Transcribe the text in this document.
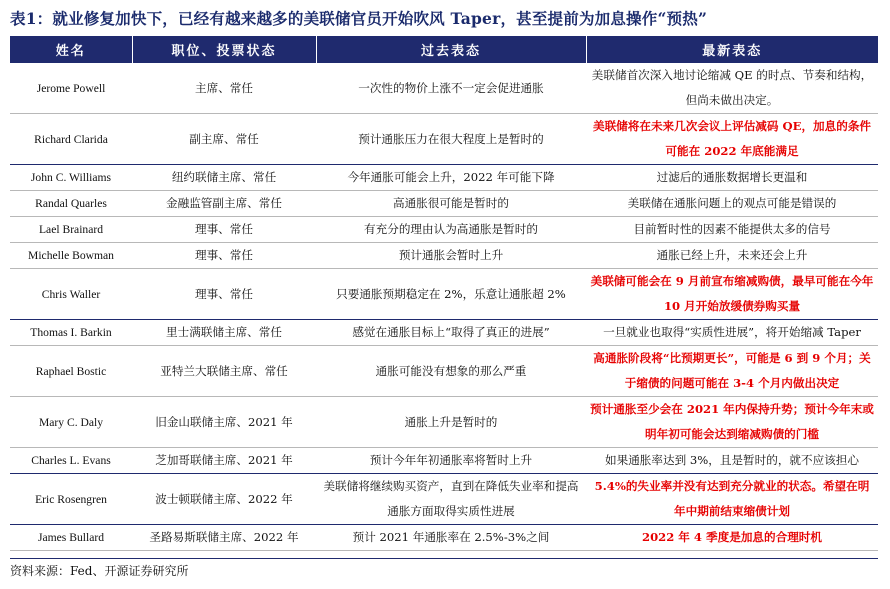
表1：就业修复加快下，已经有越来越多的美联储官员开始吹风 Taper，甚至提前为加息操作“预热”
姓名	职位、投票状态	过去表态	最新表态

Jerome Powell	主席、常任	一次性的物价上涨不一定会促进通胀	美联储首次深入地讨论缩减 QE 的时点、节奏和结构，但尚未做出决定。

Richard Clarida	副主席、常任	预计通胀压力在很大程度上是暂时的	美联储将在未来几次会议上评估减码 QE，加息的条件可能在 2022 年底能满足

John C. Williams	纽约联储主席、常任	今年通胀可能会上升，2022 年可能下降	过滤后的通胀数据增长更温和

Randal Quarles	金融监管副主席、常任	高通胀很可能是暂时的	美联储在通胀问题上的观点可能是错误的

Lael Brainard	理事、常任	有充分的理由认为高通胀是暂时的	目前暂时性的因素不能提供太多的信号

Michelle Bowman	理事、常任	预计通胀会暂时上升	通胀已经上升，未来还会上升

Chris Waller	理事、常任	只要通胀预期稳定在 2%，乐意让通胀超 2%	美联储可能会在 9 月前宣布缩减购债，最早可能在今年 10 月开始放缓债券购买量

Thomas I. Barkin	里士满联储主席、常任	感觉在通胀目标上“取得了真正的进展”	一旦就业也取得“实质性进展”，将开始缩减 Taper

Raphael Bostic	亚特兰大联储主席、常任	通胀可能没有想象的那么严重	高通胀阶段将“比预期更长”，可能是 6 到 9 个月；关于缩债的问题可能在 3-4 个月内做出决定

Mary C. Daly	旧金山联储主席、2021 年	通胀上升是暂时的	预计通胀至少会在 2021 年内保持升势；预计今年末或明年初可能会达到缩减购债的门槛

Charles L. Evans	芝加哥联储主席、2021 年	预计今年年初通胀率将暂时上升	如果通胀率达到 3%，且是暂时的，就不应该担心

Eric Rosengren	波士顿联储主席、2022 年	美联储将继续购买资产，直到在降低失业率和提高通胀方面取得实质性进展	5.4%的失业率并没有达到充分就业的状态。希望在明年中期前结束缩债计划

James Bullard	圣路易斯联储主席、2022 年	预计 2021 年通胀率在 2.5%-3%之间	2022 年 4 季度是加息的合理时机
资料来源：Fed、开源证券研究所
